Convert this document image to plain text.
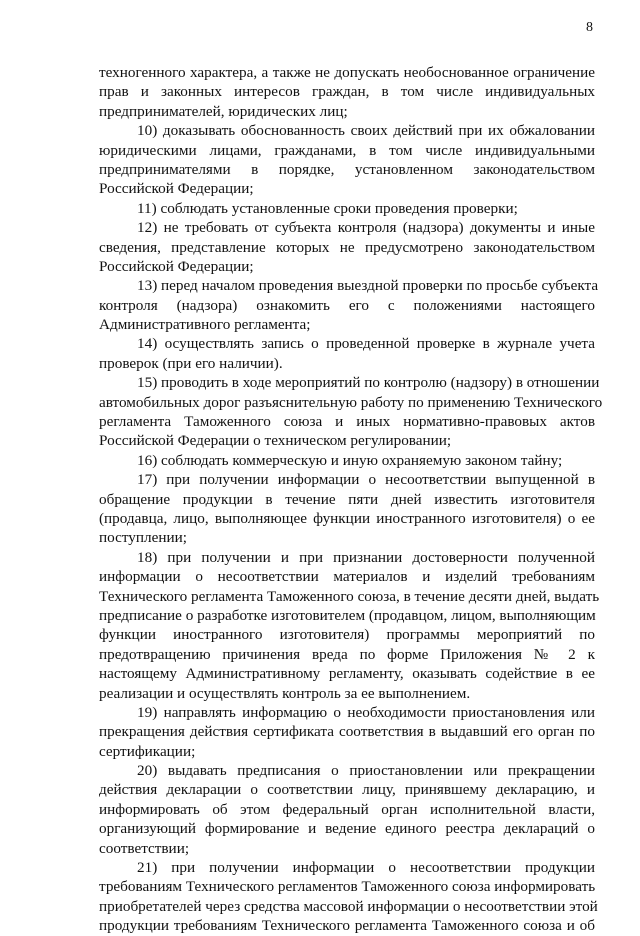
8
техногенного характера, а также не допускать необоснованное ограничение
прав и законных интересов граждан, в том числе индивидуальных
предпринимателей, юридических лиц;
10) доказывать обоснованность своих действий при их обжаловании
юридическими лицами, гражданами, в том числе индивидуальными
предпринимателями в порядке, установленном законодательством
Российской Федерации;
11) соблюдать установленные сроки проведения проверки;
12) не требовать от субъекта контроля (надзора) документы и иные
сведения, представление которых не предусмотрено законодательством
Российской Федерации;
13) перед началом проведения выездной проверки по просьбе субъекта
контроля (надзора) ознакомить его с положениями настоящего
Административного регламента;
14) осуществлять запись о проведенной проверке в журнале учета
проверок (при его наличии).
15) проводить в ходе мероприятий по контролю (надзору) в отношении
автомобильных дорог разъяснительную работу по применению Технического
регламента Таможенного союза и иных нормативно-правовых актов
Российской Федерации о техническом регулировании;
16) соблюдать коммерческую и иную охраняемую законом тайну;
17) при получении информации о несоответствии выпущенной в
обращение продукции в течение пяти дней известить изготовителя
(продавца, лицо, выполняющее функции иностранного изготовителя) о ее
поступлении;
18) при получении и при признании достоверности полученной
информации о несоответствии материалов и изделий требованиям
Технического регламента Таможенного союза, в течение десяти дней, выдать
предписание о разработке изготовителем (продавцом, лицом, выполняющим
функции иностранного изготовителя) программы мероприятий по
предотвращению причинения вреда по форме Приложения № 2 к
настоящему Административному регламенту, оказывать содействие в ее
реализации и осуществлять контроль за ее выполнением.
19) направлять информацию о необходимости приостановления или
прекращения действия сертификата соответствия в выдавший его орган по
сертификации;
20) выдавать предписания о приостановлении или прекращении
действия декларации о соответствии лицу, принявшему декларацию, и
информировать об этом федеральный орган исполнительной власти,
организующий формирование и ведение единого реестра деклараций о
соответствии;
21) при получении информации о несоответствии продукции
требованиям Технического регламентов Таможенного союза информировать
приобретателей через средства массовой информации о несоответствии этой
продукции требованиям Технического регламента Таможенного союза и об
